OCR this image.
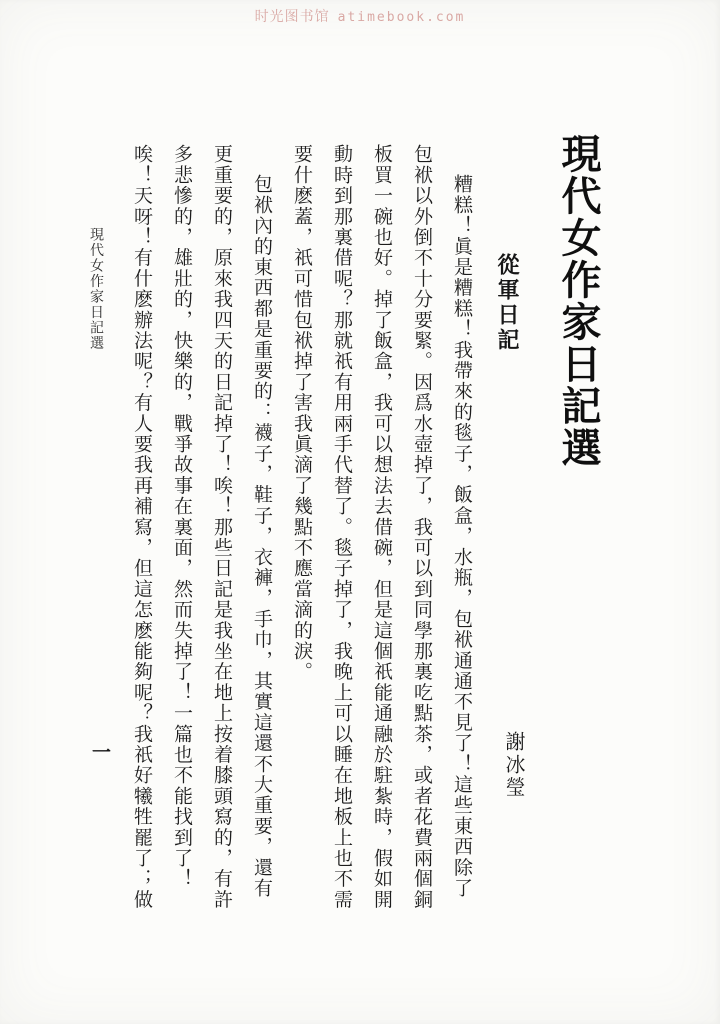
时光图书馆 atimebook.com
現代女作家日記選
從軍日記
謝冰瑩

糟糕！眞是糟糕！我帶來的毯子，飯盒，水瓶，包袱通通不見了！這些東西除了

包袱以外倒不十分要緊。因爲水壺掉了，我可以到同學那裏吃點茶，或者花費兩個銅

板買一碗也好。掉了飯盒，我可以想法去借碗，但是這個祇能通融於駐紮時，假如開

動時到那裏借呢？那就祇有用兩手代替了。毯子掉了，我晚上可以睡在地板上也不需

要什麽蓋，祇可惜包袱掉了害我眞滴了幾點不應當滴的淚。

包袱內的東西都是重要的：襪子，鞋子，衣褲，手巾，其實這還不大重要，還有

更重要的，原來我四天的日記掉了！唉！那些日記是我坐在地上按着膝頭寫的，有許

多悲慘的，雄壯的，快樂的，戰爭故事在裏面，然而失掉了！一篇也不能找到了！

唉！天呀！有什麽辦法呢？有人要我再補寫，但這怎麽能夠呢？我祇好犧牲罷了；做

現代女作家日記選
一
